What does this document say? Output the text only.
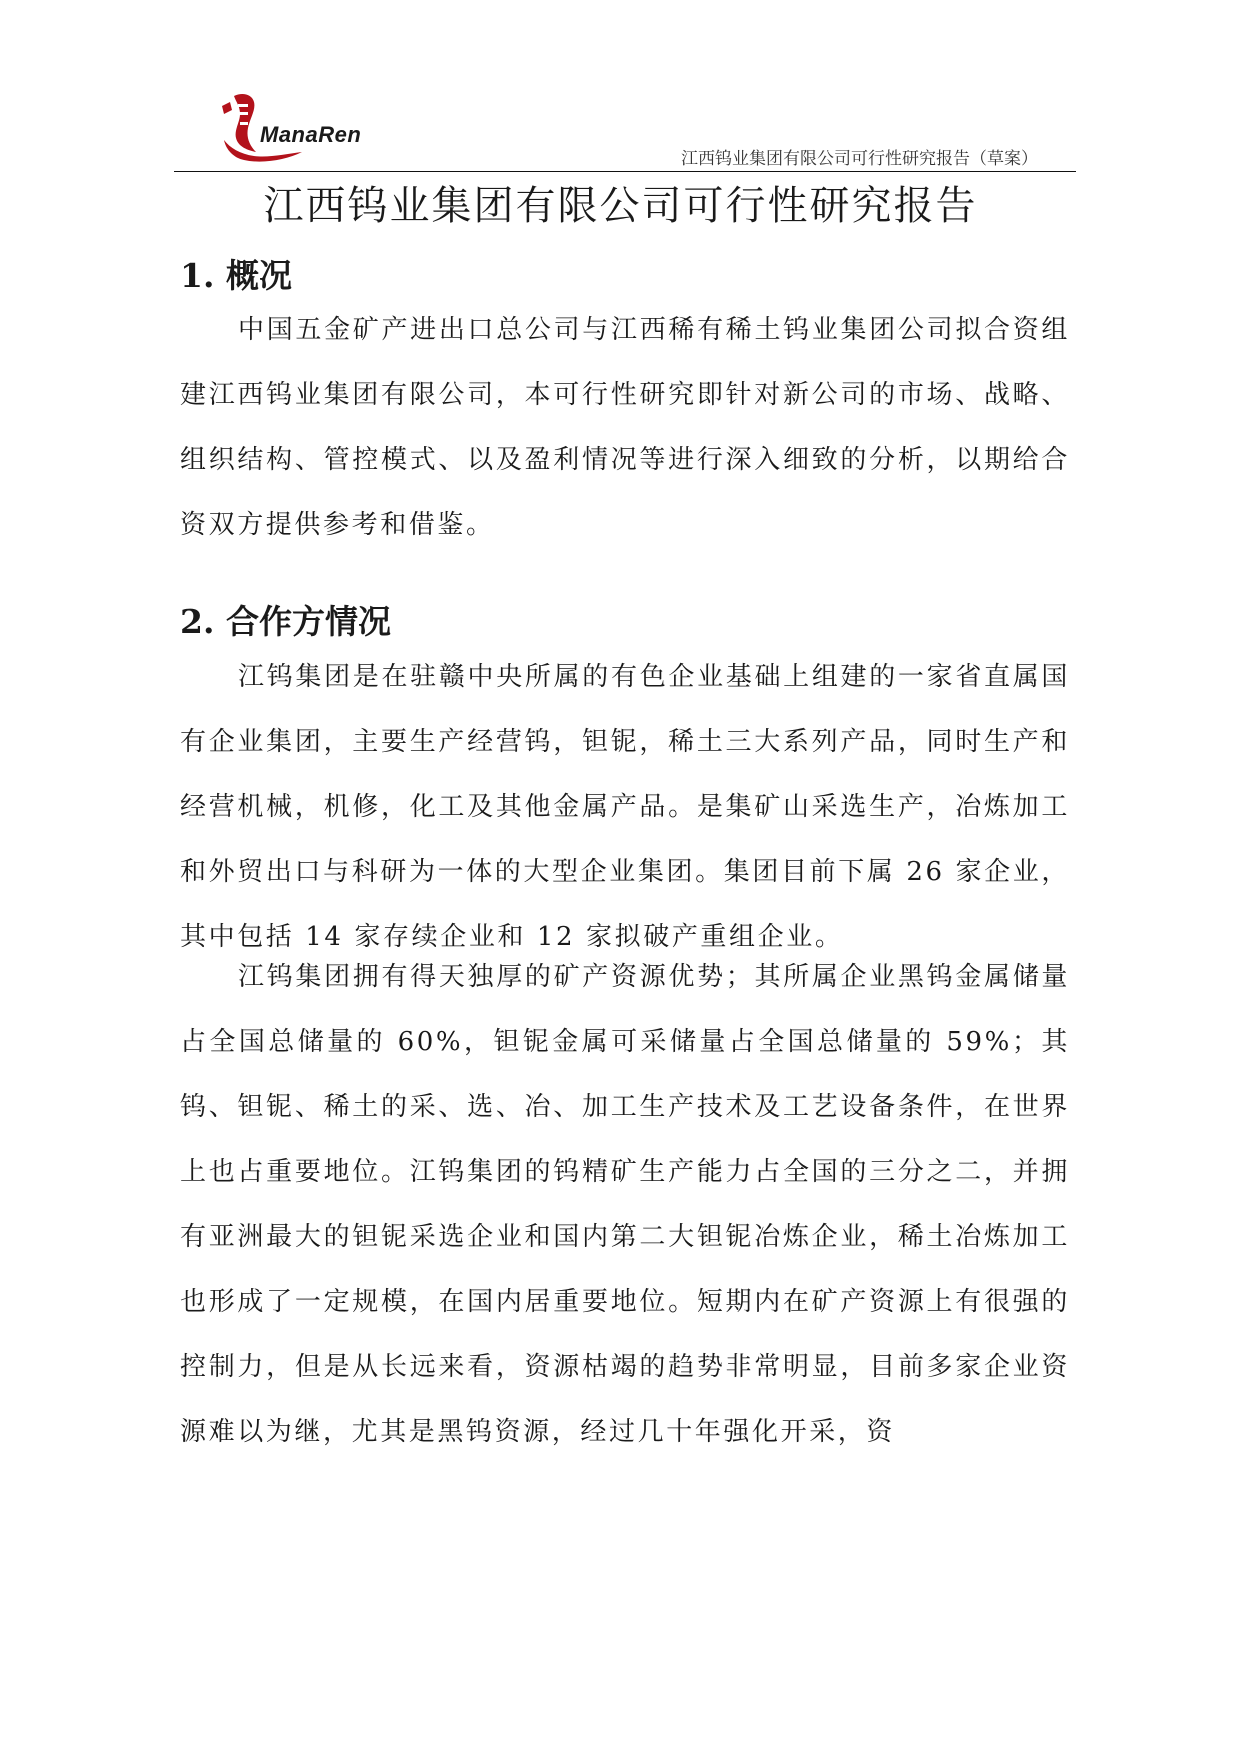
ManaRen
江西钨业集团有限公司可行性研究报告（草案）
江西钨业集团有限公司可行性研究报告
1. 概况

中国五金矿产进出口总公司与江西稀有稀土钨业集团公司拟合资组建江西钨业集团有限公司，本可行性研究即针对新公司的市场、战略、组织结构、管控模式、以及盈利情况等进行深入细致的分析，以期给合资双方提供参考和借鉴。

2. 合作方情况

江钨集团是在驻赣中央所属的有色企业基础上组建的一家省直属国有企业集团，主要生产经营钨，钽铌，稀土三大系列产品，同时生产和经营机械，机修，化工及其他金属产品。是集矿山采选生产，冶炼加工和外贸出口与科研为一体的大型企业集团。集团目前下属 26 家企业，其中包括 14 家存续企业和 12 家拟破产重组企业。

江钨集团拥有得天独厚的矿产资源优势；其所属企业黑钨金属储量占全国总储量的 60%，钽铌金属可采储量占全国总储量的 59%；其钨、钽铌、稀土的采、选、冶、加工生产技术及工艺设备条件，在世界上也占重要地位。江钨集团的钨精矿生产能力占全国的三分之二，并拥有亚洲最大的钽铌采选企业和国内第二大钽铌冶炼企业，稀土冶炼加工也形成了一定规模，在国内居重要地位。短期内在矿产资源上有很强的控制力，但是从长远来看，资源枯竭的趋势非常明显，目前多家企业资源难以为继，尤其是黑钨资源，经过几十年强化开采，资
